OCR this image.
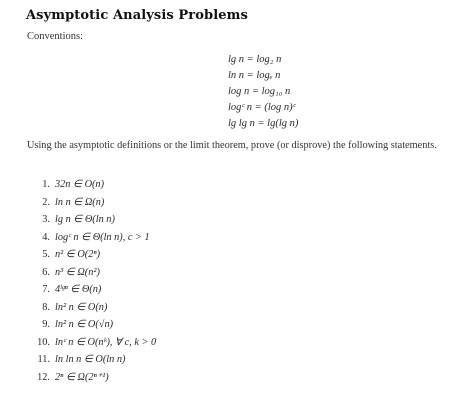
Asymptotic Analysis Problems
Conventions:
lg n = log₂ n
ln n = logₑ n
log n = log₁₀ n
logᶜ n = (log n)ᶜ
lg lg n = lg(lg n)
Using the asymptotic definitions or the limit theorem, prove (or disprove) the following statements.
1. 32n ∈ O(n)
2. ln n ∈ Ω(n)
3. lg n ∈ Θ(ln n)
4. logᶜ n ∈ Θ(ln n), c > 1
5. n² ∈ O(2ⁿ)
6. n³ ∈ Ω(n²)
7. 4ˡᵍⁿ ∈ Θ(n)
8. ln² n ∈ O(n)
9. ln² n ∈ O(√n)
10. lnᶜ n ∈ O(nᵏ), ∀ c, k > 0
11. ln ln n ∈ O(ln n)
12. 2ⁿ ∈ Ω(2ⁿ⁺¹)
